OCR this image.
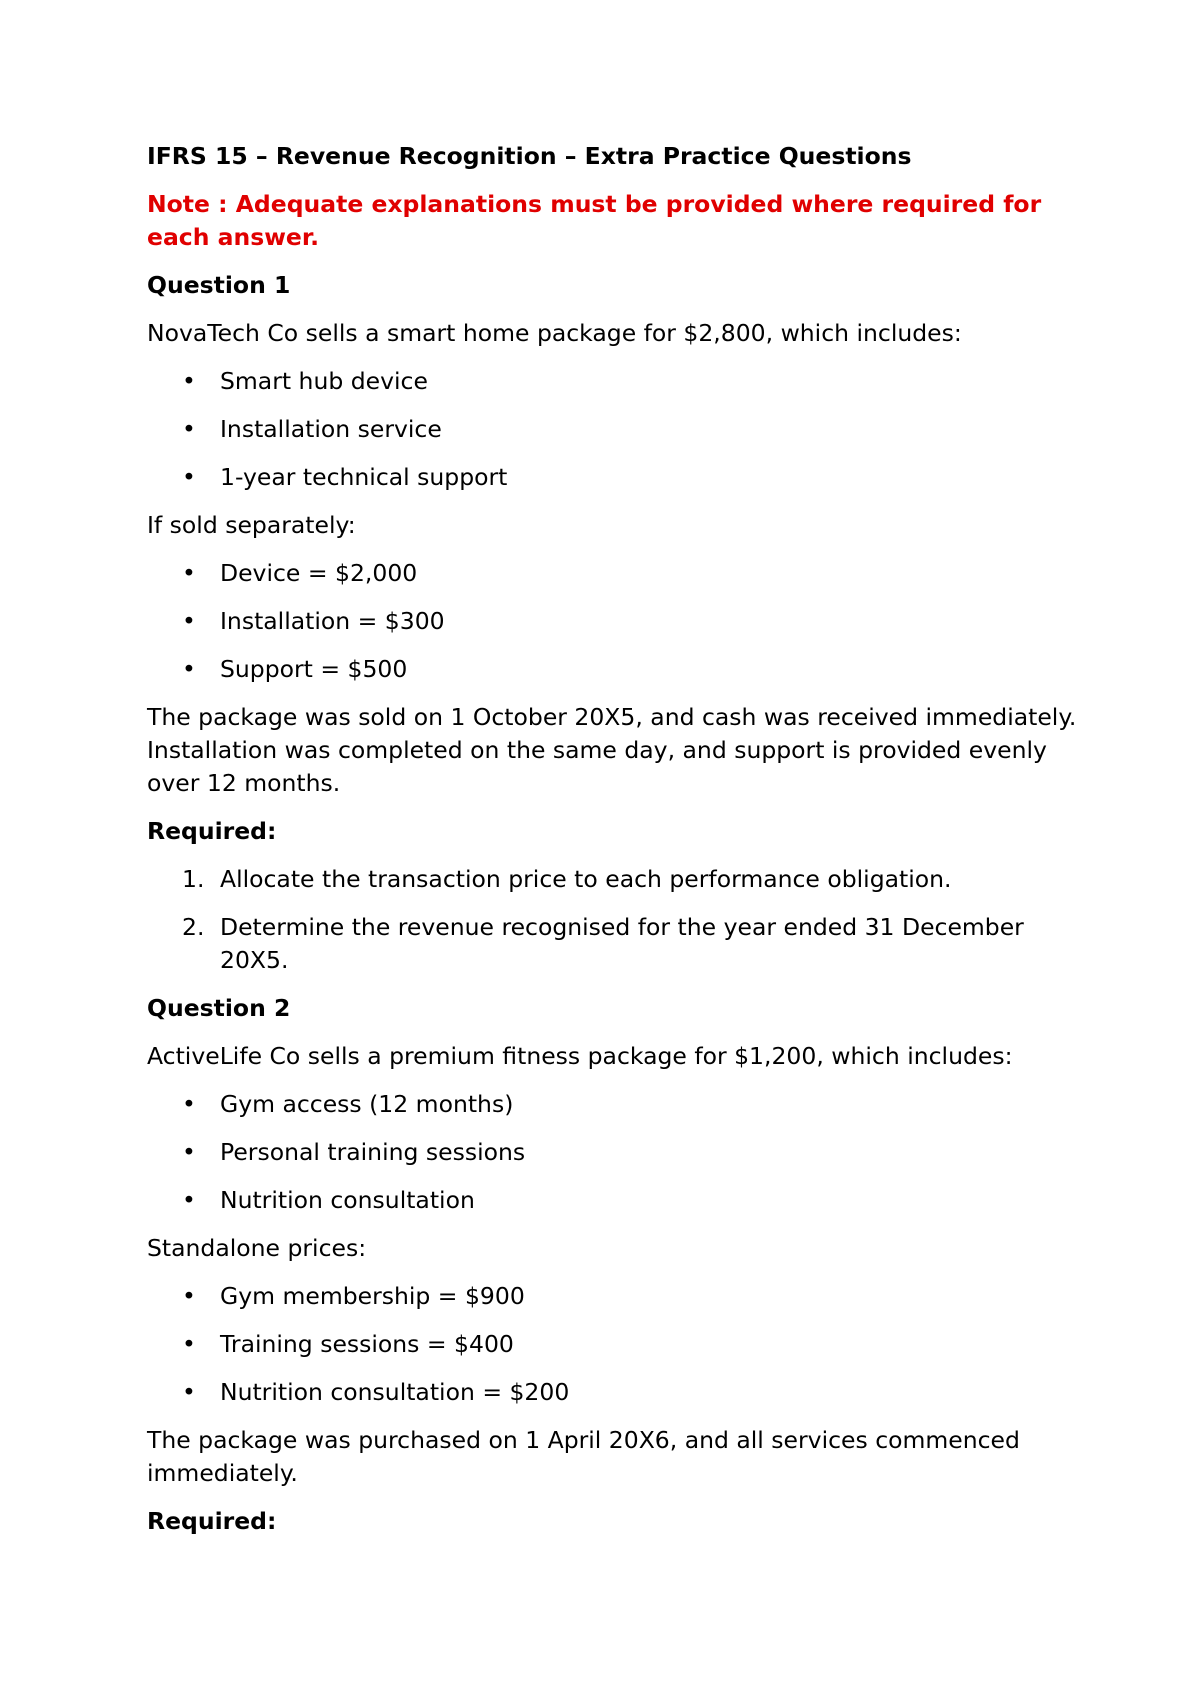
IFRS 15 – Revenue Recognition – Extra Practice Questions
Note : Adequate explanations must be provided where required for each answer.
Question 1
NovaTech Co sells a smart home package for $2,800, which includes:
• Smart hub device
• Installation service
• 1-year technical support
If sold separately:
• Device = $2,000
• Installation = $300
• Support = $500
The package was sold on 1 October 20X5, and cash was received immediately. Installation was completed on the same day, and support is provided evenly over 12 months.
Required:
1. Allocate the transaction price to each performance obligation.
2. Determine the revenue recognised for the year ended 31 December 20X5.
Question 2
ActiveLife Co sells a premium fitness package for $1,200, which includes:
• Gym access (12 months)
• Personal training sessions
• Nutrition consultation
Standalone prices:
• Gym membership = $900
• Training sessions = $400
• Nutrition consultation = $200
The package was purchased on 1 April 20X6, and all services commenced immediately.
Required:
